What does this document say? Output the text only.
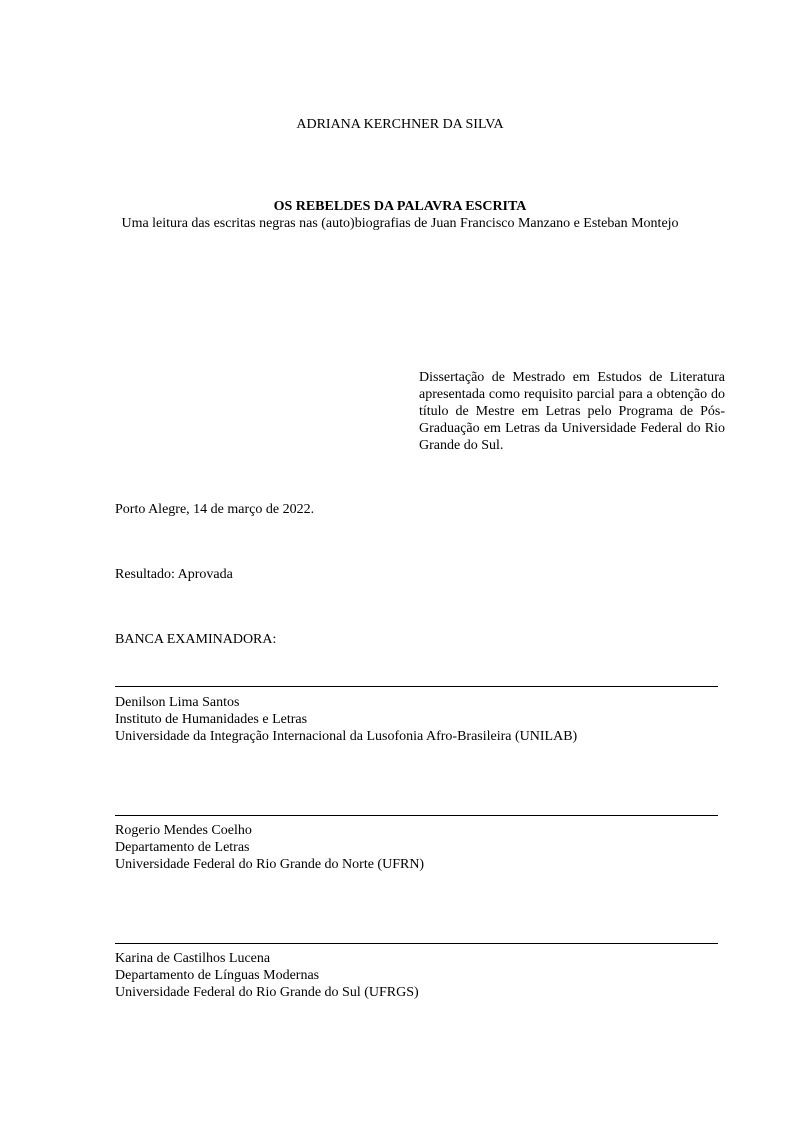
ADRIANA KERCHNER DA SILVA
OS REBELDES DA PALAVRA ESCRITA
Uma leitura das escritas negras nas (auto)biografias de Juan Francisco Manzano e Esteban Montejo
Dissertação de Mestrado em Estudos de Literatura apresentada como requisito parcial para a obtenção do título de Mestre em Letras pelo Programa de Pós-Graduação em Letras da Universidade Federal do Rio Grande do Sul.
Porto Alegre, 14 de março de 2022.
Resultado: Aprovada
BANCA EXAMINADORA:
Denilson Lima Santos
Instituto de Humanidades e Letras
Universidade da Integração Internacional da Lusofonia Afro-Brasileira (UNILAB)
Rogerio Mendes Coelho
Departamento de Letras
Universidade Federal do Rio Grande do Norte (UFRN)
Karina de Castilhos Lucena
Departamento de Línguas Modernas
Universidade Federal do Rio Grande do Sul (UFRGS)
